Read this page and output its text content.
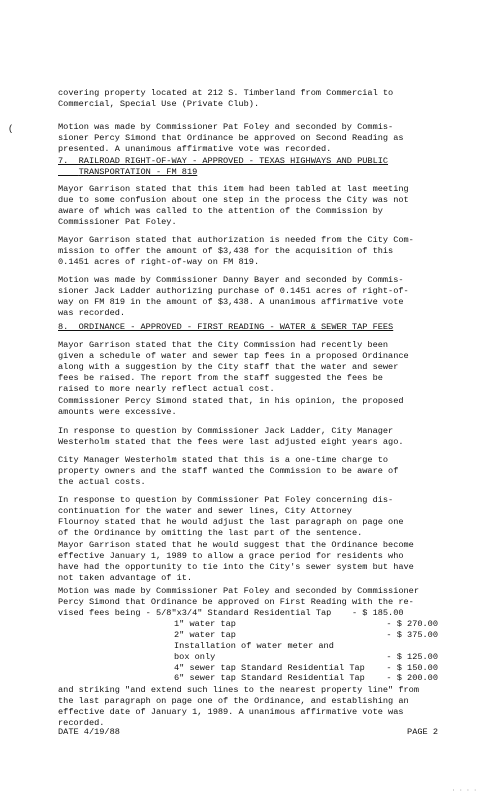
(
covering property located at 212 S. Timberland from Commercial to
Commercial, Special Use (Private Club).
Motion was made by Commissioner Pat Foley and seconded by Commis-
sioner Percy Simond that Ordinance be approved on Second Reading as
presented. A unanimous affirmative vote was recorded.
7.  RAILROAD RIGHT-OF-WAY - APPROVED - TEXAS HIGHWAYS AND PUBLIC
TRANSPORTATION - FM 819
Mayor Garrison stated that this item had been tabled at last meeting
due to some confusion about one step in the process the City was not
aware of which was called to the attention of the Commission by
Commissioner Pat Foley.
Mayor Garrison stated that authorization is needed from the City Com-
mission to offer the amount of $3,438 for the acquisition of this
0.1451 acres of right-of-way on FM 819.
Motion was made by Commissioner Danny Bayer and seconded by Commis-
sioner Jack Ladder authorizing purchase of 0.1451 acres of right-of-
way on FM 819 in the amount of $3,438. A unanimous affirmative vote
was recorded.
8.  ORDINANCE - APPROVED - FIRST READING - WATER & SEWER TAP FEES
Mayor Garrison stated that the City Commission had recently been
given a schedule of water and sewer tap fees in a proposed Ordinance
along with a suggestion by the City staff that the water and sewer
fees be raised. The report from the staff suggested the fees be
raised to more nearly reflect actual cost.
Commissioner Percy Simond stated that, in his opinion, the proposed
amounts were excessive.
In response to question by Commissioner Jack Ladder, City Manager
Westerholm stated that the fees were last adjusted eight years ago.
City Manager Westerholm stated that this is a one-time charge to
property owners and the staff wanted the Commission to be aware of
the actual costs.
In response to question by Commissioner Pat Foley concerning dis-
continuation for the water and sewer lines, City Attorney
Flournoy stated that he would adjust the last paragraph on page one
of the Ordinance by omitting the last part of the sentence.
Mayor Garrison stated that he would suggest that the Ordinance become
effective January 1, 1989 to allow a grace period for residents who
have had the opportunity to tie into the City's sewer system but have
not taken advantage of it.
Motion was made by Commissioner Pat Foley and seconded by Commissioner
Percy Simond that Ordinance be approved on First Reading with the re-
vised fees being - 5/8"x3/4" Standard Residential Tap    - $ 185.00
1" water tap	- $ 270.00
2" water tap	- $ 375.00
Installation of water meter and
box only	- $ 125.00
4" sewer tap Standard Residential Tap	- $ 150.00
6" sewer tap Standard Residential Tap	- $ 200.00
and striking "and extend such lines to the nearest property line" from
the last paragraph on page one of the Ordinance, and establishing an
effective date of January 1, 1989. A unanimous affirmative vote was
recorded.
DATE 4/19/88	PAGE 2
· · · ·
